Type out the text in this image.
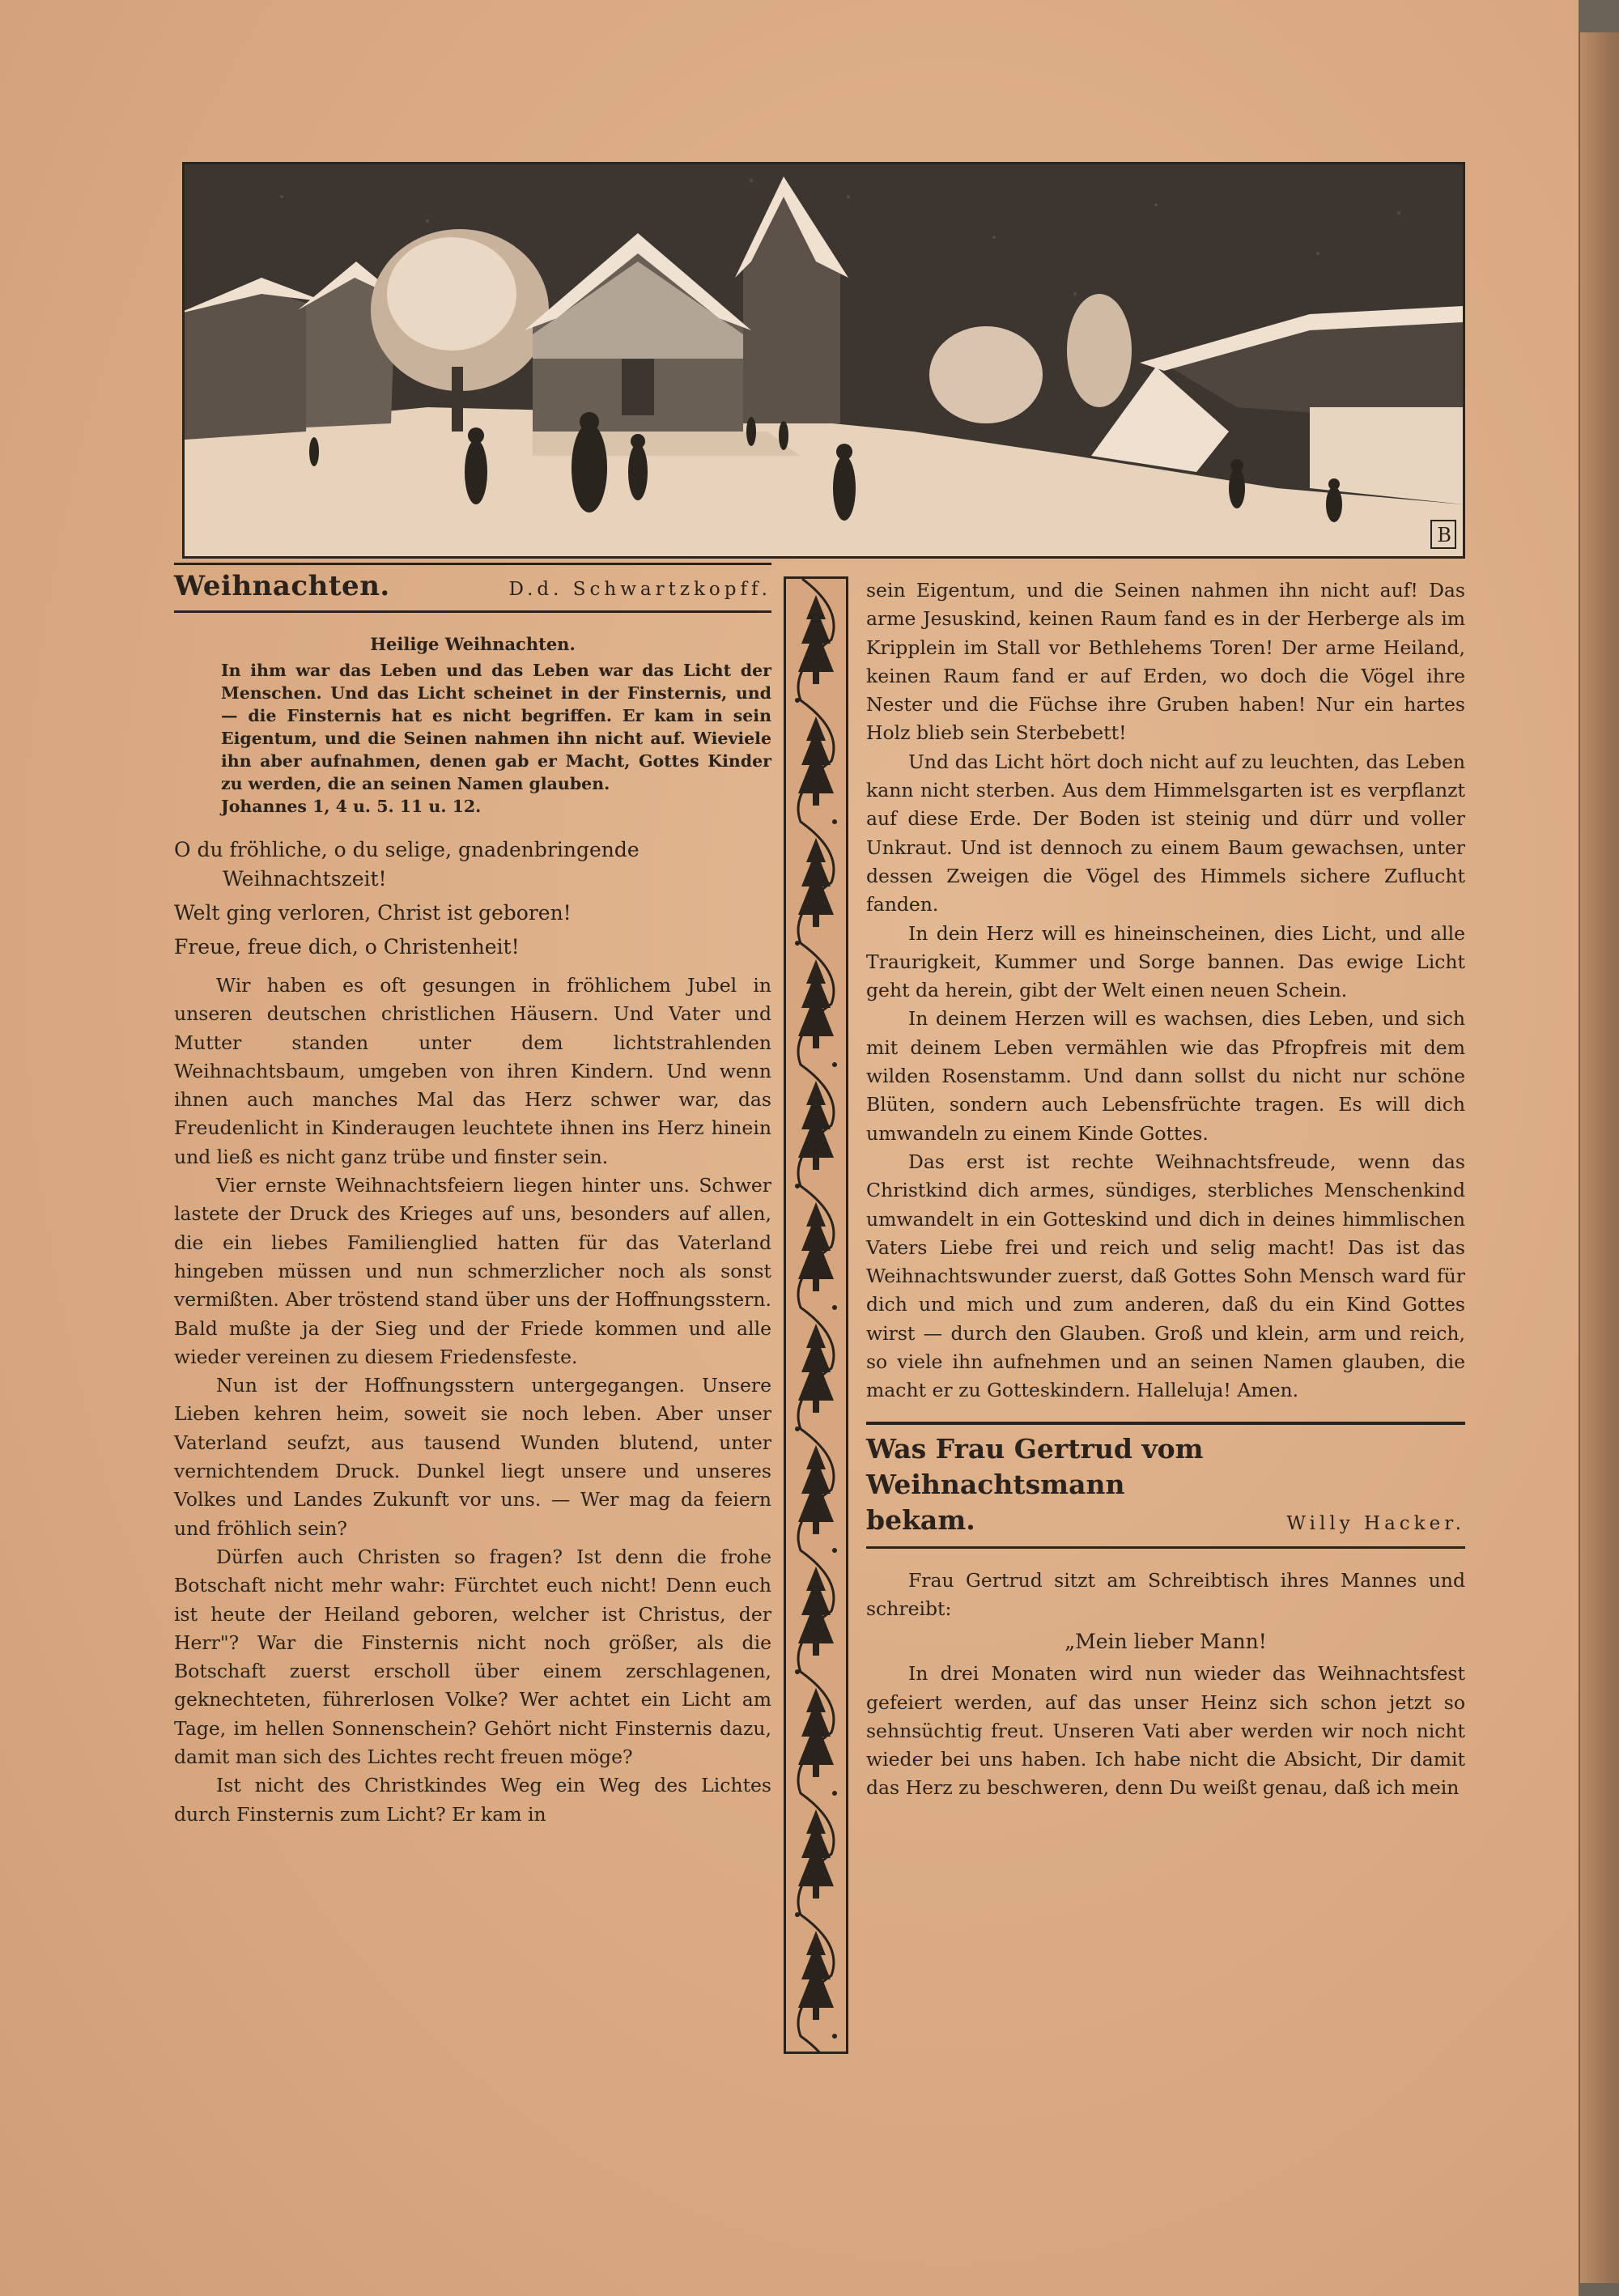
B
Weihnachten.	D.d. Schwartzkopff.
Heilige Weihnachten.
In ihm war das Leben und das Leben war das Licht der Menschen. Und das Licht scheinet in der Finsternis, und — die Finsternis hat es nicht begriffen. Er kam in sein Eigentum, und die Seinen nahmen ihn nicht auf. Wieviele ihn aber aufnahmen, denen gab er Macht, Gottes Kinder zu werden, die an seinen Namen glauben.
Johannes 1, 4 u. 5. 11 u. 12.

O du fröhliche, o du selige, gnadenbringende
Weihnachtszeit!

Welt ging verloren, Christ ist geboren!

Freue, freue dich, o Christenheit!

Wir haben es oft gesungen in fröhlichem Jubel in unseren deutschen christlichen Häusern. Und Vater und Mutter standen unter dem lichtstrahlenden Weihnachtsbaum, umgeben von ihren Kindern. Und wenn ihnen auch manches Mal das Herz schwer war, das Freudenlicht in Kinderaugen leuchtete ihnen ins Herz hinein und ließ es nicht ganz trübe und finster sein.

Vier ernste Weihnachtsfeiern liegen hinter uns. Schwer lastete der Druck des Krieges auf uns, besonders auf allen, die ein liebes Familienglied hatten für das Vaterland hingeben müssen und nun schmerzlicher noch als sonst vermißten. Aber tröstend stand über uns der Hoffnungsstern. Bald mußte ja der Sieg und der Friede kommen und alle wieder vereinen zu diesem Friedensfeste.

Nun ist der Hoffnungsstern untergegangen. Unsere Lieben kehren heim, soweit sie noch leben. Aber unser Vaterland seufzt, aus tausend Wunden blutend, unter vernichtendem Druck. Dunkel liegt unsere und unseres Volkes und Landes Zukunft vor uns. — Wer mag da feiern und fröhlich sein?

Dürfen auch Christen so fragen? Ist denn die frohe Botschaft nicht mehr wahr: Fürchtet euch nicht! Denn euch ist heute der Heiland geboren, welcher ist Christus, der Herr"? War die Finsternis nicht noch größer, als die Botschaft zuerst erscholl über einem zerschlagenen, geknechteten, führerlosen Volke? Wer achtet ein Licht am Tage, im hellen Sonnenschein? Gehört nicht Finsternis dazu, damit man sich des Lichtes recht freuen möge?

Ist nicht des Christkindes Weg ein Weg des Lichtes durch Finsternis zum Licht? Er kam in

sein Eigentum, und die Seinen nahmen ihn nicht auf! Das arme Jesuskind, keinen Raum fand es in der Herberge als im Kripplein im Stall vor Bethlehems Toren! Der arme Heiland, keinen Raum fand er auf Erden, wo doch die Vögel ihre Nester und die Füchse ihre Gruben haben! Nur ein hartes Holz blieb sein Sterbebett!

Und das Licht hört doch nicht auf zu leuchten, das Leben kann nicht sterben. Aus dem Himmelsgarten ist es verpflanzt auf diese Erde. Der Boden ist steinig und dürr und voller Unkraut. Und ist dennoch zu einem Baum gewachsen, unter dessen Zweigen die Vögel des Himmels sichere Zuflucht fanden.

In dein Herz will es hineinscheinen, dies Licht, und alle Traurigkeit, Kummer und Sorge bannen. Das ewige Licht geht da herein, gibt der Welt einen neuen Schein.

In deinem Herzen will es wachsen, dies Leben, und sich mit deinem Leben vermählen wie das Pfropfreis mit dem wilden Rosenstamm. Und dann sollst du nicht nur schöne Blüten, sondern auch Lebensfrüchte tragen. Es will dich umwandeln zu einem Kinde Gottes.

Das erst ist rechte Weihnachtsfreude, wenn das Christkind dich armes, sündiges, sterbliches Menschenkind umwandelt in ein Gotteskind und dich in deines himmlischen Vaters Liebe frei und reich und selig macht! Das ist das Weihnachtswunder zuerst, daß Gottes Sohn Mensch ward für dich und mich und zum anderen, daß du ein Kind Gottes wirst — durch den Glauben. Groß und klein, arm und reich, so viele ihn aufnehmen und an seinen Namen glauben, die macht er zu Gotteskindern. Halleluja! Amen.

Was Frau Gertrud vom Weihnachtsmann
bekam.	Willy Hacker.

Frau Gertrud sitzt am Schreibtisch ihres Mannes und schreibt:

„Mein lieber Mann!

In drei Monaten wird nun wieder das Weihnachtsfest gefeiert werden, auf das unser Heinz sich schon jetzt so sehnsüchtig freut. Unseren Vati aber werden wir noch nicht wieder bei uns haben. Ich habe nicht die Absicht, Dir damit das Herz zu beschweren, denn Du weißt genau, daß ich mein
